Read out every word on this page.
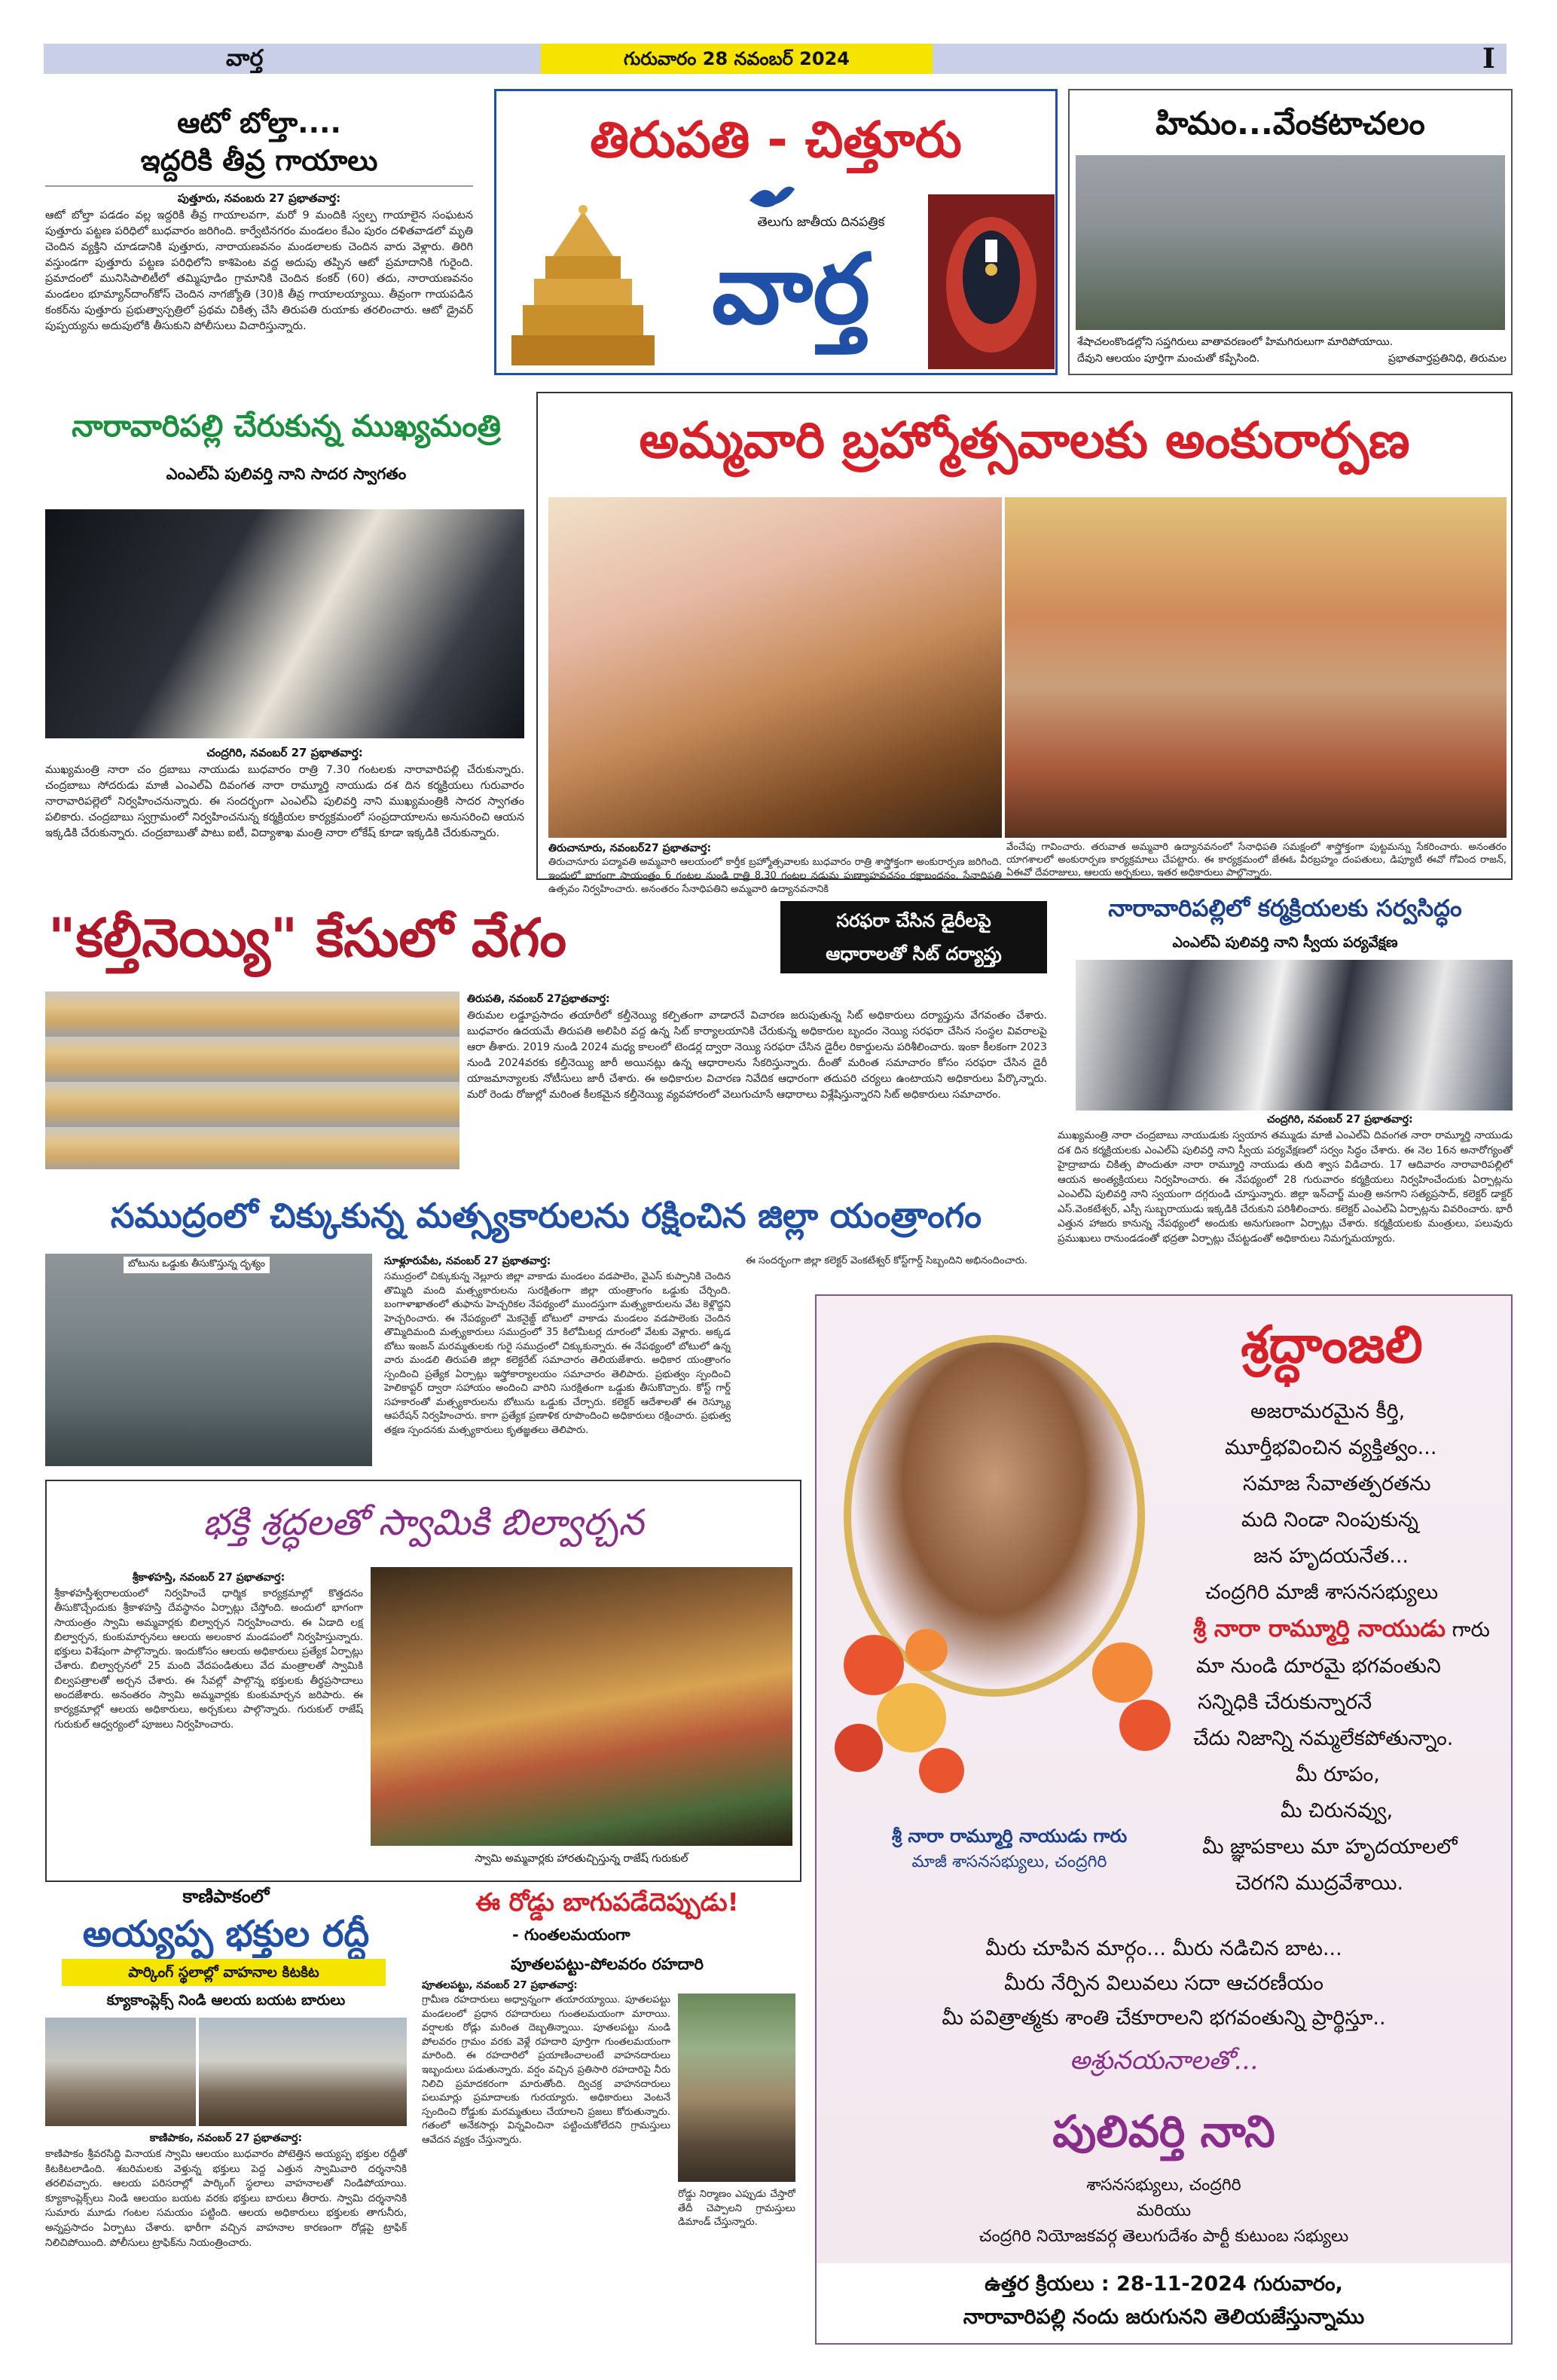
వార్త	గురువారం 28 నవంబర్ 2024	I
ఆటో బోల్తా....
ఇద్దరికి తీవ్ర గాయాలు
పుత్తూరు, నవంబరు 27 ప్రభాతవార్త:
ఆటో బోల్తా పడడం వల్ల ఇద్దరికి తీవ్ర గాయాలవగా, మరో 9 మందికి స్వల్ప గాయాలైన సంఘటన పుత్తూరు పట్టణ పరిధిలో బుధవారం జరిగింది. కార్వేటినగరం మండలం కేఎం పురం దళితవాడలో మృతి చెందిన వ్యక్తిని చూడడానికి పుత్తూరు, నారాయణవనం మండలాలకు చెందిన వారు వెళ్లారు. తిరిగి వస్తుండగా పుత్తూరు పట్టణ పరిధిలోని కాశిపెంట వద్ద అదుపు తప్పిన ఆటో ప్రమాదానికి గురైంది. ప్రమాదంలో మునిసిపాలిటీలో తమ్మిపూడిం గ్రామానికి చెందిన కంకర్ (60) తదు, నారాయణవనం మండలం భూమ్యాన్‌దాంగ్‌కోస్ చెందిన నాగజ్యోతి (30)కి తీవ్ర గాయాలయ్యాయి. తీవ్రంగా గాయపడిన కంకర్‌ను పుత్తూరు ప్రభుత్వాస్పత్రిలో ప్రథమ చికిత్స చేసి తిరుపతి రుయాకు తరలించారు. ఆటో డ్రైవర్ పుప్పయ్యను అదుపులోకి తీసుకుని పోలీసులు విచారిస్తున్నారు.
తిరుపతి - చిత్తూరు
తెలుగు జాతీయ దినపత్రిక
వార్త
హిమం...వేంకటాచలం
శేషాచలంకొండల్లోని సప్తగిరులు వాతావరణంలో హిమగిరులుగా మారిపోయాయి.
దేవుని ఆలయం పూర్తిగా మంచుతో కప్పేసింది.	ప్రభాతవార్తప్రతినిధి, తిరుమల
నారావారిపల్లి చేరుకున్న ముఖ్యమంత్రి
ఎంఎల్ఏ పులివర్తి నాని సాదర స్వాగతం
చంద్రగిరి, నవంబర్ 27 ప్రభాతవార్త:
ముఖ్యమంత్రి నారా చం ద్రబాబు నాయుడు బుధవారం రాత్రి 7.30 గంటలకు నారావారిపల్లి చేరుకున్నారు. చంద్రబాబు సోదరుడు మాజీ ఎంఎల్ఏ దివంగత నారా రామ్మూర్తి నాయుడు దశ దిన కర్మక్రియలు గురువారం నారావారిపల్లెలో నిర్వహించనున్నారు. ఈ సందర్భంగా ఎంఎల్ఏ పులివర్తి నాని ముఖ్యమంత్రికి సాదర స్వాగతం పలికారు. చంద్రబాబు స్వగ్రామంలో నిర్వహించనున్న కర్మక్రియల కార్యక్రమంలో సంప్రదాయాలను అనుసరించి ఆయన ఇక్కడికి చేరుకున్నారు. చంద్రబాబుతో పాటు ఐటీ, విద్యాశాఖ మంత్రి నారా లోకేష్ కూడా ఇక్కడికి చేరుకున్నారు.
అమ్మవారి బ్రహ్మోత్సవాలకు అంకురార్పణ
తిరుచానూరు, నవంబర్27 ప్రభాతవార్త:
తిరుచానూరు పద్మావతి అమ్మవారి ఆలయంలో కార్తీక బ్రహ్మోత్సవాలకు బుధవారం రాత్రి శాస్త్రోక్తంగా అంకురార్పణ జరిగింది. ఇందులో భాగంగా సాయంత్రం 6 గంటల నుండి రాత్రి 8.30 గంటల నడుమ పుణ్యాహవచనం రక్షాబంధనం, సేనాధిపతి ఉత్సవం నిర్వహించారు. అనంతరం సేనాధిపతిని అమ్మవారి ఉద్యానవనానికి
వేంచేపు గావించారు. తరువాత అమ్మవారి ఉద్యానవనంలో సేనాధిపతి సమక్షంలో శాస్త్రోక్తంగా పుట్టమన్ను సేకరించారు. అనంతరం యాగశాలలో అంకురార్పణ కార్యక్రమాలు చేపట్టారు. ఈ కార్యక్రమంలో జేఈఓ వీరబ్రహ్మం దంపతులు, డిప్యూటీ ఈవో గోవింద రాజన్, ఏఈవో దేవరాజులు, ఆలయ అర్చకులు, ఇతర అధికారులు పాల్గొన్నారు.
"కల్తీనెయ్యి" కేసులో వేగం	సరఫరా చేసిన డైరీలపై
ఆధారాలతో సిట్ దర్యాప్తు
తిరుపతి, నవంబర్ 27ప్రభాతవార్త:
తిరుమల లడ్డూప్రసాదం తయారీలో కల్తీనెయ్యి కల్పితంగా వాడారనే విచారణ జరుపుతున్న సిట్ అధికారులు దర్యాప్తును వేగవంతం చేశారు. బుధవారం ఉదయమే తిరుపతి అలిపిరి వద్ద ఉన్న సిట్ కార్యాలయానికి చేరుకున్న అధికారుల బృందం నెయ్యి సరఫరా చేసిన సంస్థల వివరాలపై ఆరా తీశారు. 2019 నుండి 2024 మధ్య కాలంలో టెండర్ల ద్వారా నెయ్యి సరఫరా చేసిన డైరీల రికార్డులను పరిశీలించారు. ఇంకా కీలకంగా 2023 నుండి 2024వరకు కల్తీనెయ్యి జారీ అయినట్లు ఉన్న ఆధారాలను సేకరిస్తున్నారు. దీంతో మరింత సమాచారం కోసం సరఫరా చేసిన డైరీ యాజమాన్యాలకు నోటీసులు జారీ చేశారు. ఈ అధికారుల విచారణ నివేదిక ఆధారంగా తదుపరి చర్యలు ఉంటాయని అధికారులు పేర్కొన్నారు. మరో రెండు రోజుల్లో మరింత కీలకమైన కల్తీనెయ్యి వ్యవహారంలో వెలుగుచూసే ఆధారాలు విశ్లేషిస్తున్నారని సిట్ అధికారులు సమాచారం.
నారావారిపల్లిలో కర్మక్రియలకు సర్వసిద్ధం
ఎంఎల్ఏ పులివర్తి నాని స్వీయ పర్యవేక్షణ
చంద్రగిరి, నవంబర్ 27 ప్రభాతవార్త:
ముఖ్యమంత్రి నారా చంద్రబాబు నాయుడుకు స్వయాన తమ్ముడు మాజీ ఎంఎల్ఏ దివంగత నారా రామ్మూర్తి నాయుడు దశ దిన కర్మక్రియలకు ఎంఎల్ఏ పులివర్తి నాని స్వీయ పర్యవేక్షణలో సర్వం సిద్ధం చేశారు. ఈ నెల 16న అనారోగ్యంతో హైద్రాబాదు చికిత్స పొందుతూ నారా రామ్మూర్తి నాయుడు తుది శ్వాస విడిచారు. 17 ఆదివారం నారావారిపల్లిలో ఆయన అంత్యక్రియలు నిర్వహించారు. ఈ నేపథ్యంలో 28 గురువారం కర్మక్రియలు నిర్వహించేందుకు ఏర్పాట్లను ఎంఎల్ఏ పులివర్తి నాని స్వయంగా దగ్గరుండి చూస్తున్నారు. జిల్లా ఇన్‌చార్జ్ మంత్రి అనగాని సత్యప్రసాద్, కలెక్టర్ డాక్టర్ ఎస్.వెంకటేశ్వర్, ఎస్పీ సుబ్బరాయుడు ఇక్కడికి చేరుకుని పరిశీలించారు. కలెక్టర్ ఎంఎల్ఏ ఏర్పాట్లను వివరించారు. భారీ ఎత్తున హాజరు కానున్న నేపథ్యంలో అందుకు అనుగుణంగా ఏర్పాట్లు చేశారు. కర్మక్రియలకు మంత్రులు, పలువురు ప్రముఖులు రానుండడంతో భద్రతా ఏర్పాట్లు చేపట్టడంతో అధికారులు నిమగ్నమయ్యారు.
సముద్రంలో చిక్కుకున్న మత్స్యకారులను రక్షించిన జిల్లా యంత్రాంగం
బోటును ఒడ్డుకు తీసుకొస్తున్న దృశ్యం	సూళ్లూరుపేట, నవంబర్ 27 ప్రభాతవార్త:
సముద్రంలో చిక్కుకున్న నెల్లూరు జిల్లా వాకాడు మండలం వడపాలెం, వైఎస్ కుప్పానికి చెందిన తొమ్మిది మంది మత్స్యకారులను సురక్షితంగా జిల్లా యంత్రాంగం ఒడ్డుకు చేర్చింది. బంగాళాఖాతంలో తుఫాను హెచ్చరికల నేపథ్యంలో ముందస్తుగా మత్స్యకారులను వేట కెళ్లొద్దని హెచ్చరించారు. ఈ నేపథ్యంలో మెకనైజ్డ్ బోటులో వాకాడు మండలం వడపాలెంకు చెందిన తొమ్మిదిమంది మత్స్యకారులు సముద్రంలో 35 కిలోమీటర్ల దూరంలో వేటకు వెళ్లారు. అక్కడ బోటు ఇంజన్ మరమ్మతులకు గురై సముద్రంలో చిక్కుకున్నారు. ఈ నేపథ్యంలో బోటులో ఉన్న వారు మండలి తిరుపతి జిల్లా కలెక్టరేట్ సమాచారం తెలియజేశారు. అధికార యంత్రాంగం స్పందించి ప్రత్యేక ఏర్పాట్లు ఇస్త్రోకార్యాలయం సమాచారం తెలిపారు. ప్రభుత్వం స్పందించి హెలికాప్టర్ ద్వారా సహాయం అందించి వారిని సురక్షితంగా ఒడ్డుకు తీసుకొచ్చారు. కోస్ట్ గార్డ్ సహకారంతో మత్స్యకారులను బోటును ఒడ్డుకు చేర్చారు. కలెక్టర్ ఆదేశాలతో ఈ రెస్క్యూ ఆపరేషన్ నిర్వహించారు. కాగా ప్రత్యేక ప్రణాళిక రూపొందించి అధికారులు రక్షించారు. ప్రభుత్వ తక్షణ స్పందనకు మత్స్యకారులు కృతజ్ఞతలు తెలిపారు.
ఈ సందర్భంగా జిల్లా కలెక్టర్ వెంకటేశ్వర్ కోస్ట్‌గార్డ్ సిబ్బందిని అభినందించారు.
భక్తి శ్రద్ధలతో స్వామికి బిల్వార్చన
శ్రీకాళహస్తి, నవంబర్ 27 ప్రభాతవార్త:
శ్రీకాళహస్తీశ్వరాలయంలో నిర్వహించే ధార్మిక కార్యక్రమాల్లో కొత్తదనం తీసుకొచ్చేందుకు శ్రీకాళహస్తి దేవస్థానం ఏర్పాట్లు చేస్తోంది. అందులో భాగంగా సాయంత్రం స్వామి అమ్మవార్లకు బిల్వార్చన నిర్వహించారు. ఈ ఏడాది లక్ష బిల్వార్చన, కుంకుమార్చనలు ఆలయ అలంకార మండపంలో నిర్వహిస్తున్నారు. భక్తులు విశేషంగా పాల్గొన్నారు. ఇందుకోసం ఆలయ అధికారులు ప్రత్యేక ఏర్పాట్లు చేశారు. బిల్వార్చనలో 25 మంది వేదపండితులు వేద మంత్రాలతో స్వామికి బిల్వపత్రాలతో అర్చన చేశారు. ఈ సేవల్లో పాల్గొన్న భక్తులకు తీర్థప్రసాదాలు అందజేశారు. అనంతరం స్వామి అమ్మవార్లకు కుంకుమార్చన జరిపారు. ఈ కార్యక్రమాల్లో ఆలయ అధికారులు, అర్చకులు పాల్గొన్నారు. గురుకుల్ రాజేష్ గురుకుల్ ఆధ్వర్యంలో పూజలు నిర్వహించారు.
స్వామి అమ్మవార్లకు హారతుచ్చిస్తున్న రాజేష్ గురుకుల్
కాణిపాకంలో
అయ్యప్ప భక్తుల రద్దీ
పార్కింగ్ స్థలాల్లో వాహనాల కిటకిట
క్యూకాంప్లెక్స్ నిండి ఆలయ బయట బారులు
కాణిపాకం, నవంబర్ 27 ప్రభాతవార్త:
కాణిపాకం శ్రీవరసిద్ధి వినాయక స్వామి ఆలయం బుధవారం పోటెత్తిన అయ్యప్ప భక్తుల రద్దీతో కిటకిటలాడింది. శబరిమలకు వెళ్తున్న భక్తులు పెద్ద ఎత్తున స్వామివారి దర్శనానికి తరలివచ్చారు. ఆలయ పరిసరాల్లో పార్కింగ్ స్థలాలు వాహనాలతో నిండిపోయాయి. క్యూకాంప్లెక్స్‌లు నిండి ఆలయం బయట వరకు భక్తులు బారులు తీరారు. స్వామి దర్శనానికి సుమారు మూడు గంటల సమయం పట్టింది. ఆలయ అధికారులు భక్తులకు తాగునీరు, అన్నప్రసాదం ఏర్పాటు చేశారు. భారీగా వచ్చిన వాహనాల కారణంగా రోడ్లపై ట్రాఫిక్ నిలిచిపోయింది. పోలీసులు ట్రాఫిక్‌ను నియంత్రించారు.
ఈ రోడ్డు బాగుపడేదెప్పుడు!
- గుంతలమయంగా
పూతలపట్టు-పోలవరం రహదారి
పూతలపట్టు, నవంబర్ 27 ప్రభాతవార్త:
గ్రామీణ రహదారులు అధ్వాన్నంగా తయారయ్యాయి. పూతలపట్టు మండలంలో ప్రధాన రహదారులు గుంతలమయంగా మారాయి. వర్షాలకు రోడ్లు మరింత దెబ్బతిన్నాయి. పూతలపట్టు నుండి పోలవరం గ్రామం వరకు వెళ్లే రహదారి పూర్తిగా గుంతలమయంగా మారింది. ఈ రహదారిలో ప్రయాణించాలంటే వాహనదారులు ఇబ్బందులు పడుతున్నారు. వర్షం వచ్చిన ప్రతిసారి రహదారిపై నీరు నిలిచి ప్రమాదకరంగా మారుతోంది. ద్విచక్ర వాహనదారులు పలుమార్లు ప్రమాదాలకు గురయ్యారు. అధికారులు వెంటనే స్పందించి రోడ్డుకు మరమ్మతులు చేయాలని ప్రజలు కోరుతున్నారు. గతంలో అనేకసార్లు విన్నవించినా పట్టించుకోలేదని గ్రామస్తులు ఆవేదన వ్యక్తం చేస్తున్నారు.
రోడ్డు నిర్మాణం ఎప్పుడు చేస్తారో తేదీ చెప్పాలని గ్రామస్తులు డిమాండ్ చేస్తున్నారు.
శ్రద్ధాంజలి
అజరామరమైన కీర్తి,
మూర్తీభవించిన వ్యక్తిత్వం...
సమాజ సేవాతత్పరతను
మది నిండా నింపుకున్న
జన హృదయనేత...
చంద్రగిరి మాజీ శాసనసభ్యులు
శ్రీ నారా రామ్మూర్తి నాయుడు గారు
మా నుండి దూరమై భగవంతుని
సన్నిధికి చేరుకున్నారనే
చేదు నిజాన్ని నమ్మలేకపోతున్నాం.
మీ రూపం,
మీ చిరునవ్వు,
మీ జ్ఞాపకాలు మా హృదయాలలో
చెరగని ముద్రవేశాయి.
శ్రీ నారా రామ్మూర్తి నాయుడు గారు
మాజీ శాసనసభ్యులు, చంద్రగిరి
మీరు చూపిన మార్గం... మీరు నడిచిన బాట...
మీరు నేర్పిన విలువలు సదా ఆచరణీయం
మీ పవిత్రాత్మకు శాంతి చేకూరాలని భగవంతున్ని ప్రార్థిస్తూ..
అశ్రునయనాలతో...
పులివర్తి నాని
శాసనసభ్యులు, చంద్రగిరి
మరియు
చంద్రగిరి నియోజకవర్గ తెలుగుదేశం పార్టీ కుటుంబ సభ్యులు
ఉత్తర క్రియలు : 28-11-2024 గురువారం,
నారావారిపల్లి నందు జరుగునని తెలియజేస్తున్నాము
